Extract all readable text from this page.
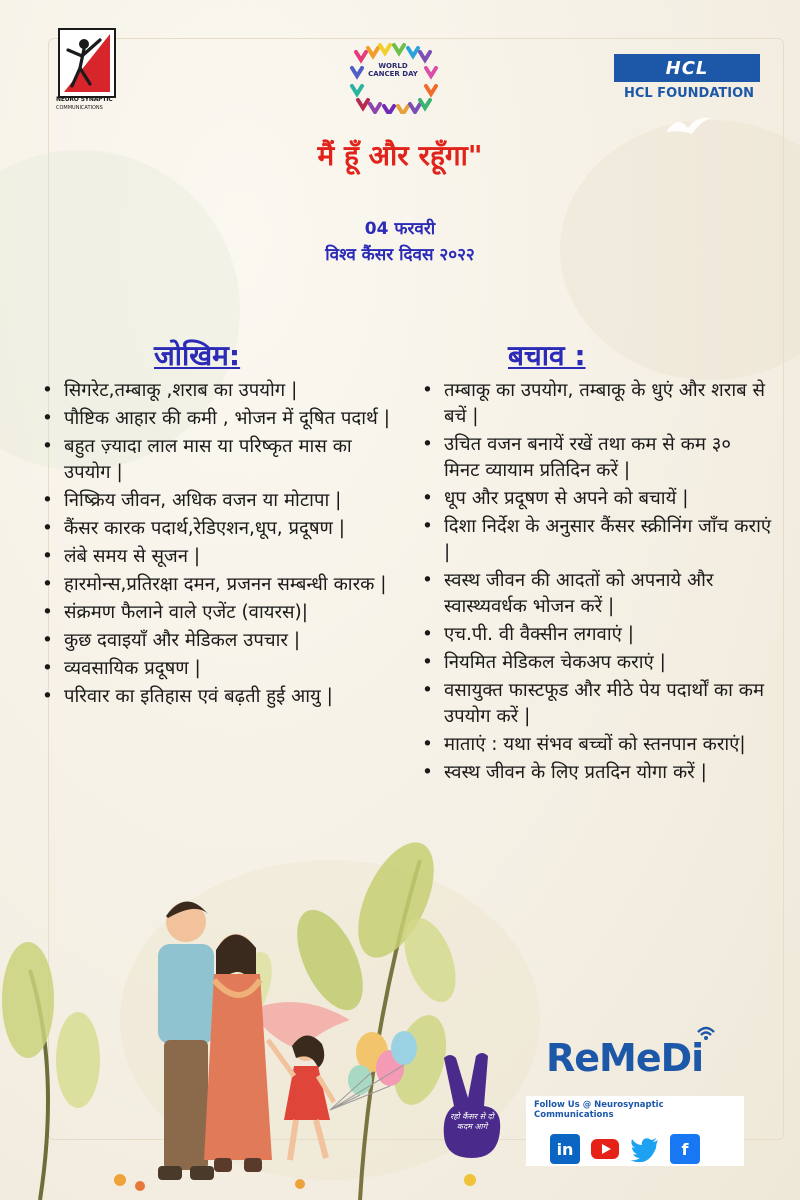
NEURO SYNAPTIC
COMMUNICATIONS
WORLD CANCER DAY	HCL
HCL FOUNDATION
मैं हूँ और रहूँगा"
04 फरवरी
विश्व कैंसर दिवस २०२२
जोखिम:	बचाव :
• सिगरेट,तम्बाकू ,शराब का उपयोग |
• पौष्टिक आहार की कमी , भोजन में दूषित पदार्थ |
• बहुत ज़्यादा लाल मास या परिष्कृत मास का उपयोग |
• निष्क्रिय जीवन, अधिक वजन या मोटापा |
• कैंसर कारक पदार्थ,रेडिएशन,धूप, प्रदूषण |
• लंबे समय से सूजन |
• हारमोन्स,प्रतिरक्षा दमन, प्रजनन सम्बन्धी कारक |
• संक्रमण फैलाने वाले एजेंट (वायरस)|
• कुछ दवाइयाँ और मेडिकल उपचार |
• व्यवसायिक प्रदूषण |
• परिवार का इतिहास एवं बढ़ती हुई आयु |
• तम्बाकू का उपयोग, तम्बाकू के धुएं और शराब से बचें |
• उचित वजन बनायें रखें तथा कम से कम ३० मिनट व्यायाम प्रतिदिन करें |
• धूप और प्रदूषण से अपने को बचायें |
• दिशा निर्देश के अनुसार कैंसर स्क्रीनिंग जाँच कराएं |
• स्वस्थ जीवन की आदतों को अपनाये और स्वास्थ्यवर्धक भोजन करें |
• एच.पी. वी वैक्सीन लगवाएं |
• नियमित मेडिकल चेकअप कराएं |
• वसायुक्त फास्टफूड और मीठे पेय पदार्थों का कम उपयोग करें |
• माताएं : यथा संभव बच्चों को स्तनपान कराएं|
• स्वस्थ जीवन के लिए प्रतदिन योगा करें |
रहो कैंसर से दो कदम आगे
ReMeDi
Follow Us @ Neurosynaptic Communications
in	f
